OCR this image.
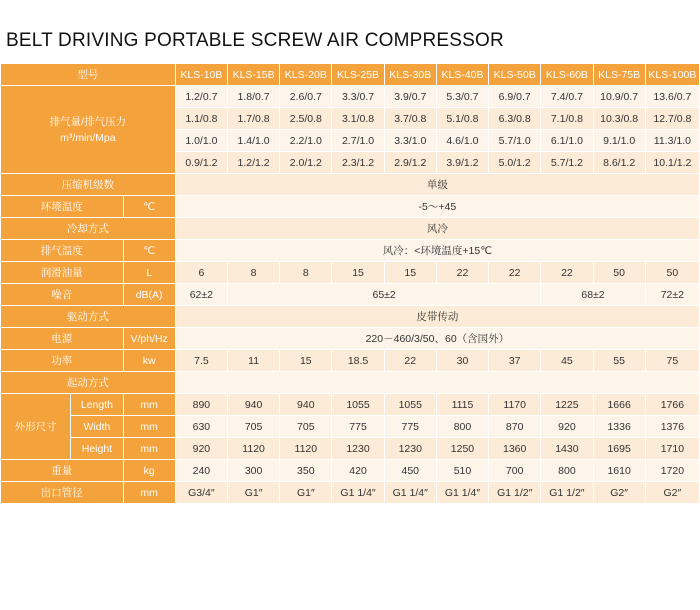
BELT DRIVING PORTABLE SCREW AIR COMPRESSOR
型号			KLS-10B	KLS-15B	KLS-20B	KLS-25B	KLS-30B	KLS-40B	KLS-50B	KLS-60B	KLS-75B	KLS-100B

排气量/排气压力
m³/min/Mpa			1.2/0.7	1.8/0.7	2.6/0.7	3.3/0.7	3.9/0.7	5.3/0.7	6.9/0.7	7.4/0.7	10.9/0.7	13.6/0.7
			1.1/0.8	1.7/0.8	2.5/0.8	3.1/0.8	3.7/0.8	5.1/0.8	6.3/0.8	7.1/0.8	10.3/0.8	12.7/0.8
			1.0/1.0	1.4/1.0	2.2/1.0	2.7/1.0	3.3/1.0	4.6/1.0	5.7/1.0	6.1/1.0	9.1/1.0	11.3/1.0
			0.9/1.2	1.2/1.2	2.0/1.2	2.3/1.2	2.9/1.2	3.9/1.2	5.0/1.2	5.7/1.2	8.6/1.2	10.1/1.2
压缩机级数			单级									
环境温度		℃	-5～+45									
冷却方式			风冷									
排气温度		℃	风冷：<环境温度+15℃									
润滑油量		L	6	8	8	15	15	22	22	22	50	50
噪音		dB(A)	62±2	65±2						68±2		72±2
驱动方式			皮带传动									
电源		V/ph/Hz	220－460/3/50、60（含国外）									
功率		kw	7.5	11	15	18.5	22	30	37	45	55	75
起动方式												
外形尺寸	Length	mm	890	940	940	1055	1055	1115	1170	1225	1666	1766
	Width	mm	630	705	705	775	775	800	870	920	1336	1376
	Height	mm	920	1120	1120	1230	1230	1250	1360	1430	1695	1710
重量		kg	240	300	350	420	450	510	700	800	1610	1720
出口管径		mm	G3/4″	G1″	G1″	G1 1/4″	G1 1/4″	G1 1/4″	G1 1/2″	G1 1/2″	G2″	G2″
